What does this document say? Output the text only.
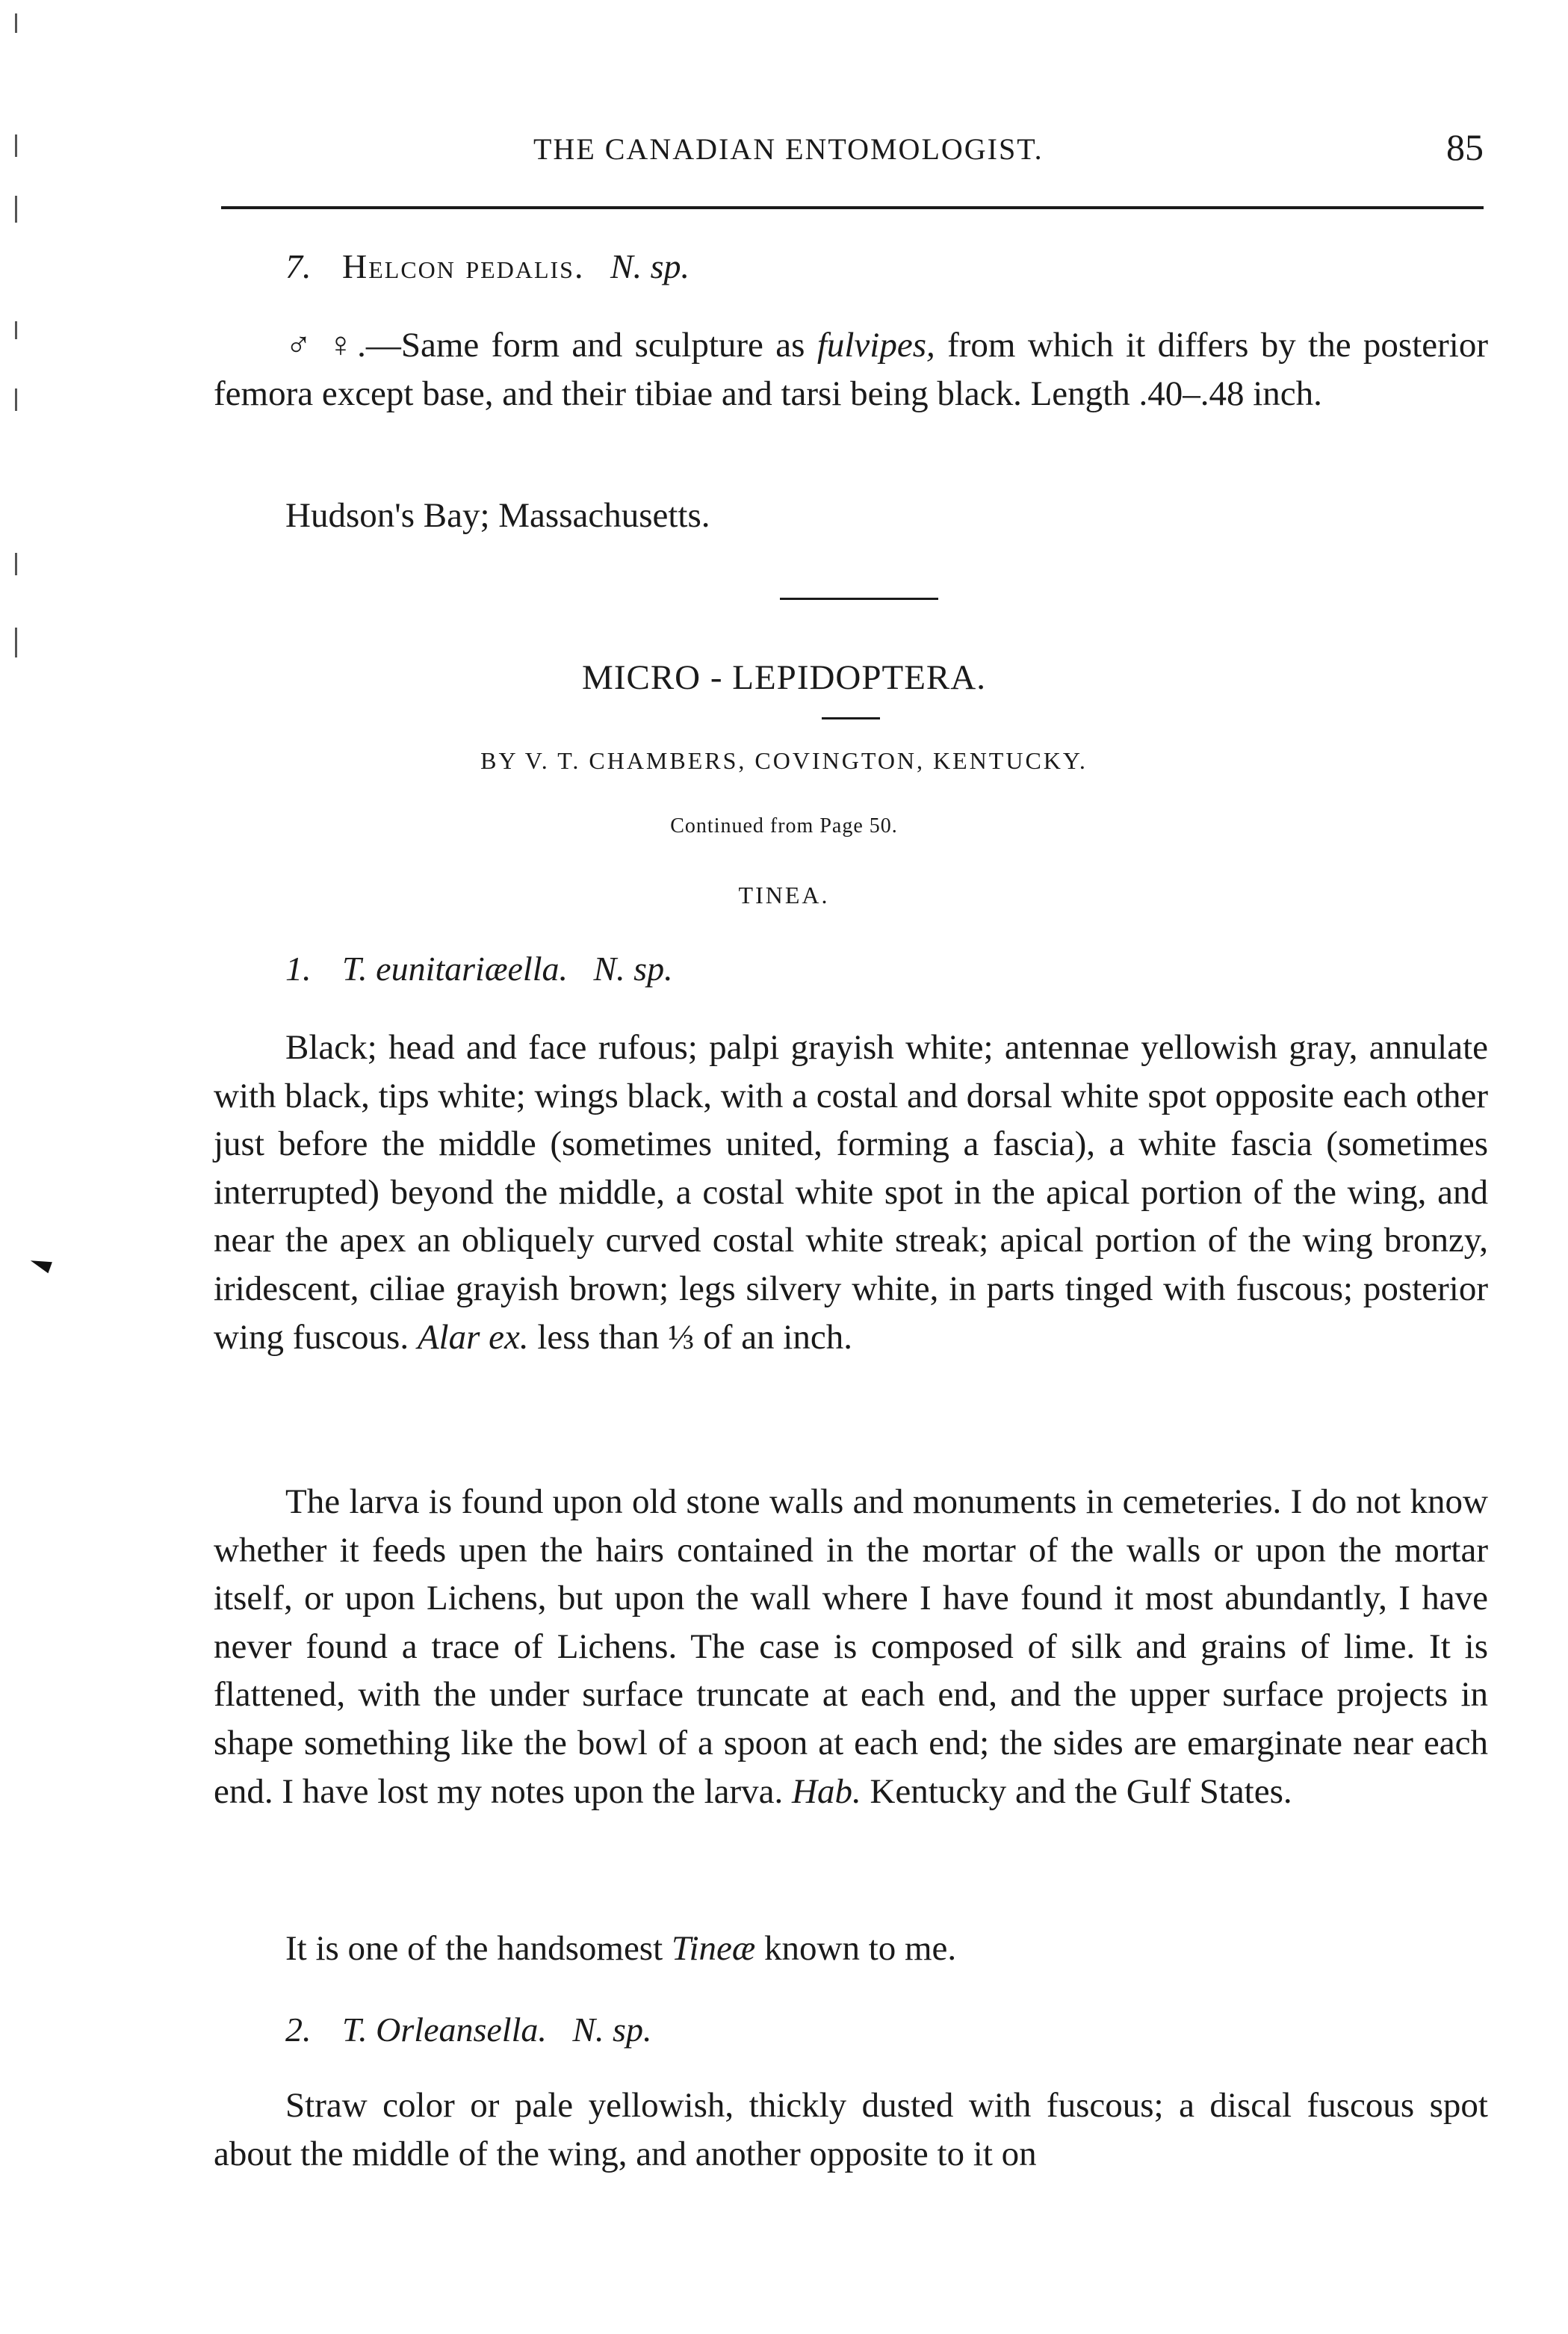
THE CANADIAN ENTOMOLOGIST.	85
7. Helcon pedalis. N. sp.

♂ ♀.—Same form and sculpture as fulvipes, from which it differs by the posterior femora except base, and their tibiae and tarsi being black. Length .40–.48 inch.

Hudson's Bay; Massachusetts.

MICRO - LEPIDOPTERA.
BY V. T. CHAMBERS, COVINGTON, KENTUCKY.
Continued from Page 50.
TINEA.
1. T. eunitariæella. N. sp.

Black; head and face rufous; palpi grayish white; antennae yellowish gray, annulate with black, tips white; wings black, with a costal and dorsal white spot opposite each other just before the middle (sometimes united, forming a fascia), a white fascia (sometimes interrupted) beyond the middle, a costal white spot in the apical portion of the wing, and near the apex an obliquely curved costal white streak; apical portion of the wing bronzy, iridescent, ciliae grayish brown; legs silvery white, in parts tinged with fuscous; posterior wing fuscous. Alar ex. less than ⅓ of an inch.

The larva is found upon old stone walls and monuments in cemeteries. I do not know whether it feeds upen the hairs contained in the mortar of the walls or upon the mortar itself, or upon Lichens, but upon the wall where I have found it most abundantly, I have never found a trace of Lichens. The case is composed of silk and grains of lime. It is flattened, with the under surface truncate at each end, and the upper surface projects in shape something like the bowl of a spoon at each end; the sides are emarginate near each end. I have lost my notes upon the larva. Hab. Kentucky and the Gulf States.

It is one of the handsomest Tineæ known to me.

2. T. Orleansella. N. sp.

Straw color or pale yellowish, thickly dusted with fuscous; a discal fuscous spot about the middle of the wing, and another opposite to it on
